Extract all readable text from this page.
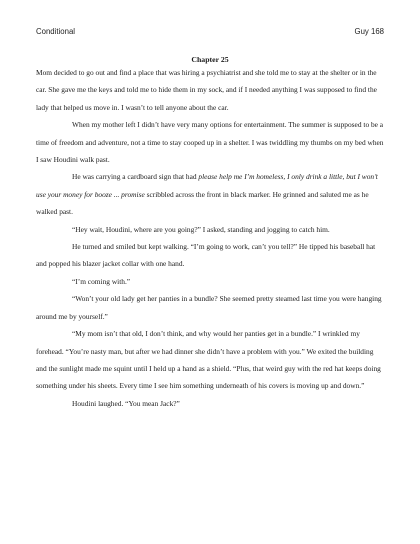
Conditional	Guy 168
Chapter 25

Mom decided to go out and find a place that was hiring a psychiatrist and she told me to stay at the shelter or in the car. She gave me the keys and told me to hide them in my sock, and if I needed anything I was supposed to find the lady that helped us move in. I wasn’t to tell anyone about the car.

When my mother left I didn’t have very many options for entertainment. The summer is supposed to be a time of freedom and adventure, not a time to stay cooped up in a shelter. I was twiddling my thumbs on my bed when I saw Houdini walk past.

He was carrying a cardboard sign that had please help me I’m homeless, I only drink a little, but I won’t use your money for booze ... promise scribbled across the front in black marker. He grinned and saluted me as he walked past.

“Hey wait, Houdini, where are you going?” I asked, standing and jogging to catch him.

He turned and smiled but kept walking. “I’m going to work, can’t you tell?” He tipped his baseball hat and popped his blazer jacket collar with one hand.

“I’m coming with.”

“Won’t your old lady get her panties in a bundle? She seemed pretty steamed last time you were hanging around me by yourself.”

“My mom isn’t that old, I don’t think, and why would her panties get in a bundle.” I wrinkled my forehead. “You’re nasty man, but after we had dinner she didn’t have a problem with you.” We exited the building and the sunlight made me squint until I held up a hand as a shield. “Plus, that weird guy with the red hat keeps doing something under his sheets. Every time I see him something underneath of his covers is moving up and down.”

Houdini laughed. “You mean Jack?”
